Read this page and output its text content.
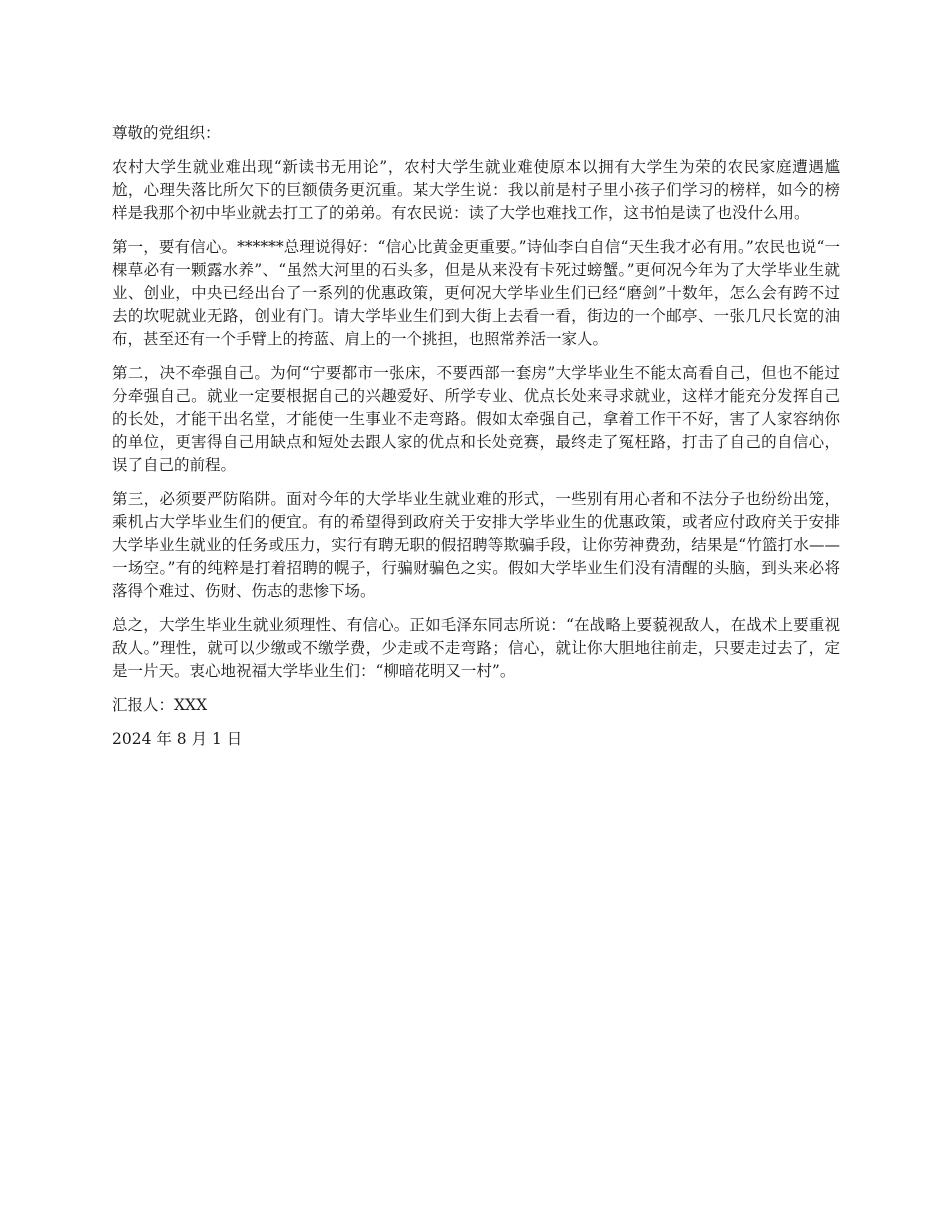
尊敬的党组织：

农村大学生就业难出现“新读书无用论”，农村大学生就业难使原本以拥有大学生为荣的农民家庭遭遇尴尬，心理失落比所欠下的巨额债务更沉重。某大学生说：我以前是村子里小孩子们学习的榜样，如今的榜样是我那个初中毕业就去打工了的弟弟。有农民说：读了大学也难找工作，这书怕是读了也没什么用。

第一，要有信心。******总理说得好：“信心比黄金更重要。”诗仙李白自信“天生我才必有用。”农民也说“一棵草必有一颗露水养”、“虽然大河里的石头多，但是从来没有卡死过螃蟹。”更何况今年为了大学毕业生就业、创业，中央已经出台了一系列的优惠政策，更何况大学毕业生们已经“磨剑”十数年，怎么会有跨不过去的坎呢就业无路，创业有门。请大学毕业生们到大街上去看一看，街边的一个邮亭、一张几尺长宽的油布，甚至还有一个手臂上的挎蓝、肩上的一个挑担，也照常养活一家人。

第二，决不牵强自己。为何“宁要都市一张床，不要西部一套房”大学毕业生不能太高看自己，但也不能过分牵强自己。就业一定要根据自己的兴趣爱好、所学专业、优点长处来寻求就业，这样才能充分发挥自己的长处，才能干出名堂，才能使一生事业不走弯路。假如太牵强自己，拿着工作干不好，害了人家容纳你的单位，更害得自己用缺点和短处去跟人家的优点和长处竞赛，最终走了冤枉路，打击了自己的自信心，误了自己的前程。

第三，必须要严防陷阱。面对今年的大学毕业生就业难的形式，一些别有用心者和不法分子也纷纷出笼，乘机占大学毕业生们的便宜。有的希望得到政府关于安排大学毕业生的优惠政策，或者应付政府关于安排大学毕业生就业的任务或压力，实行有聘无职的假招聘等欺骗手段，让你劳神费劲，结果是“竹篮打水—— 一场空。”有的纯粹是打着招聘的幌子，行骗财骗色之实。假如大学毕业生们没有清醒的头脑，到头来必将落得个难过、伤财、伤志的悲惨下场。

总之，大学生毕业生就业须理性、有信心。正如毛泽东同志所说：“在战略上要藐视敌人，在战术上要重视敌人。”理性，就可以少缴或不缴学费，少走或不走弯路；信心，就让你大胆地往前走，只要走过去了，定是一片天。衷心地祝福大学毕业生们：“柳暗花明又一村”。

汇报人：XXX

2024 年 8 月 1 日
